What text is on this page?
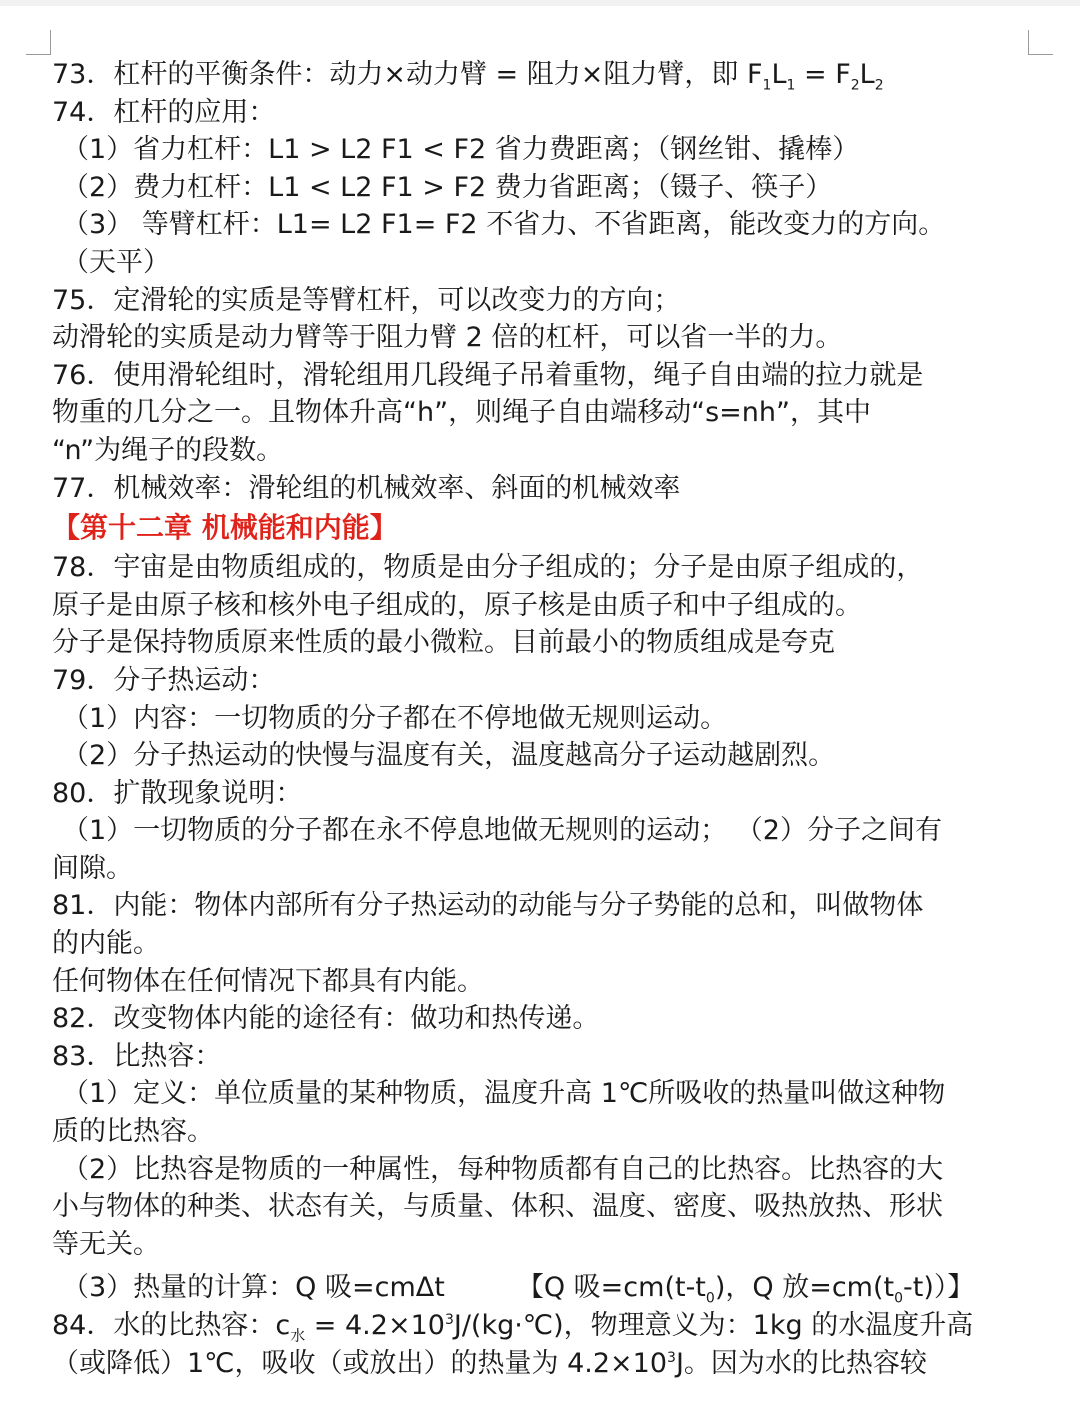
73．杠杆的平衡条件：动力×动力臂 = 阻力×阻力臂，即 $F_1L_1 = F_2L_2$
74．杠杆的应用：
（1）省力杠杆：L1 > L2 F1 < F2 省力费距离；（钢丝钳、撬棒）
（2）费力杠杆：L1 < L2 F1 > F2 费力省距离；（镊子、筷子）
（3） 等臂杠杆：L1= L2 F1= F2 不省力、不省距离，能改变力的方向。
（天平）
75．定滑轮的实质是等臂杠杆，可以改变力的方向；
动滑轮的实质是动力臂等于阻力臂 2 倍的杠杆，可以省一半的力。
76．使用滑轮组时，滑轮组用几段绳子吊着重物，绳子自由端的拉力就是
物重的几分之一。且物体升高“h”，则绳子自由端移动“s=nh”，其中
“n”为绳子的段数。
77．机械效率：滑轮组的机械效率、斜面的机械效率
【第十二章 机械能和内能】
78．宇宙是由物质组成的，物质是由分子组成的；分子是由原子组成的，
原子是由原子核和核外电子组成的，原子核是由质子和中子组成的。
分子是保持物质原来性质的最小微粒。目前最小的物质组成是夸克
79．分子热运动：
（1）内容：一切物质的分子都在不停地做无规则运动。
（2）分子热运动的快慢与温度有关，温度越高分子运动越剧烈。
80．扩散现象说明：
（1）一切物质的分子都在永不停息地做无规则的运动； （2）分子之间有
间隙。
81．内能：物体内部所有分子热运动的动能与分子势能的总和，叫做物体
的内能。
任何物体在任何情况下都具有内能。
82．改变物体内能的途径有：做功和热传递。
83．比热容：
（1）定义：单位质量的某种物质，温度升高 1℃所吸收的热量叫做这种物
质的比热容。
（2）比热容是物质的一种属性，每种物质都有自己的比热容。比热容的大
小与物体的种类、状态有关，与质量、体积、温度、密度、吸热放热、形状
等无关。
（3）热量的计算：Q 吸=cmΔt	【Q 吸$=cm(t-t_0)$，Q 放$=cm(t_0-t)$）】
84．水的比热容：$c_水$ = $4.2\times 10^3J/(kg\cdot℃)$，物理意义为：1kg 的水温度升高
（或降低）1℃，吸收（或放出）的热量为 $4.2\times 10^3J$。因为水的比热容较
